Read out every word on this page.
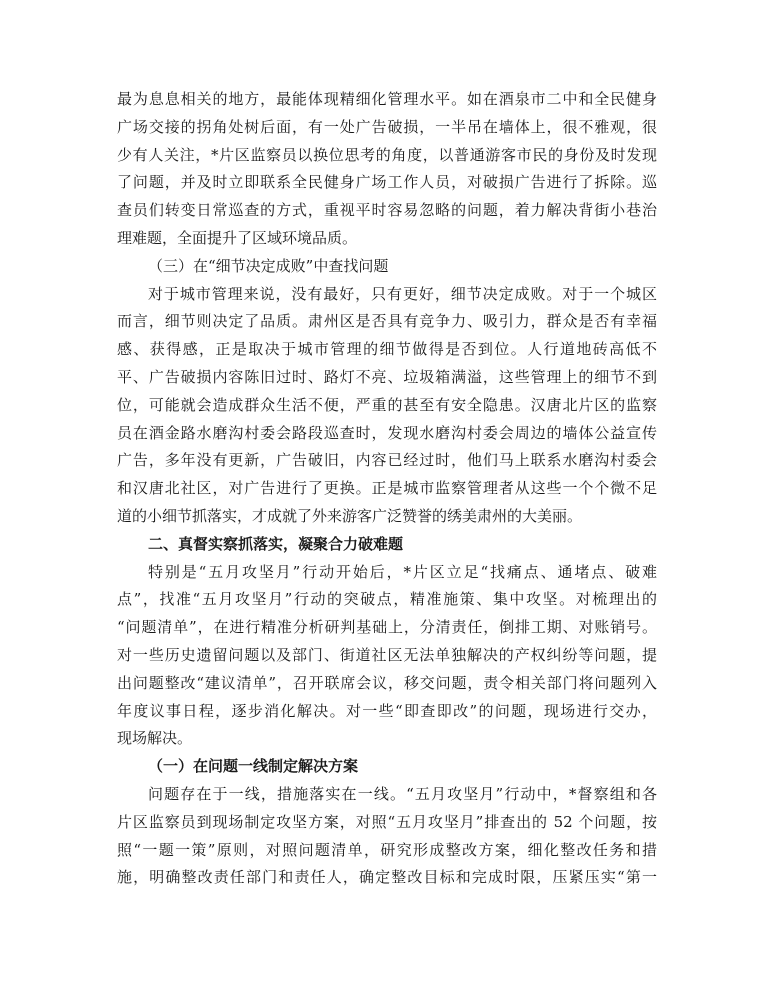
最为息息相关的地方，最能体现精细化管理水平。如在酒泉市二中和全民健身
广场交接的拐角处树后面，有一处广告破损，一半吊在墙体上，很不雅观，很
少有人关注，*片区监察员以换位思考的角度，以普通游客市民的身份及时发现
了问题，并及时立即联系全民健身广场工作人员，对破损广告进行了拆除。巡
查员们转变日常巡查的方式，重视平时容易忽略的问题，着力解决背街小巷治
理难题，全面提升了区域环境品质。
（三）在“细节决定成败”中查找问题
对于城市管理来说，没有最好，只有更好，细节决定成败。对于一个城区
而言，细节则决定了品质。肃州区是否具有竞争力、吸引力，群众是否有幸福
感、获得感，正是取决于城市管理的细节做得是否到位。人行道地砖高低不
平、广告破损内容陈旧过时、路灯不亮、垃圾箱满溢，这些管理上的细节不到
位，可能就会造成群众生活不便，严重的甚至有安全隐患。汉唐北片区的监察
员在酒金路水磨沟村委会路段巡查时，发现水磨沟村委会周边的墙体公益宣传
广告，多年没有更新，广告破旧，内容已经过时，他们马上联系水磨沟村委会
和汉唐北社区，对广告进行了更换。正是城市监察管理者从这些一个个微不足
道的小细节抓落实，才成就了外来游客广泛赞誉的绣美肃州的大美丽。
二、真督实察抓落实，凝聚合力破难题
特别是“五月攻坚月”行动开始后，*片区立足“找痛点、通堵点、破难
点”，找准“五月攻坚月”行动的突破点，精准施策、集中攻坚。对梳理出的
“问题清单”，在进行精准分析研判基础上，分清责任，倒排工期、对账销号。
对一些历史遗留问题以及部门、街道社区无法单独解决的产权纠纷等问题，提
出问题整改“建议清单”，召开联席会议，移交问题，责令相关部门将问题列入
年度议事日程，逐步消化解决。对一些“即查即改”的问题，现场进行交办，
现场解决。
（一）在问题一线制定解决方案
问题存在于一线，措施落实在一线。“五月攻坚月”行动中，*督察组和各
片区监察员到现场制定攻坚方案，对照“五月攻坚月”排查出的 52 个问题，按
照“一题一策”原则，对照问题清单，研究形成整改方案，细化整改任务和措
施，明确整改责任部门和责任人，确定整改目标和完成时限，压紧压实“第一
